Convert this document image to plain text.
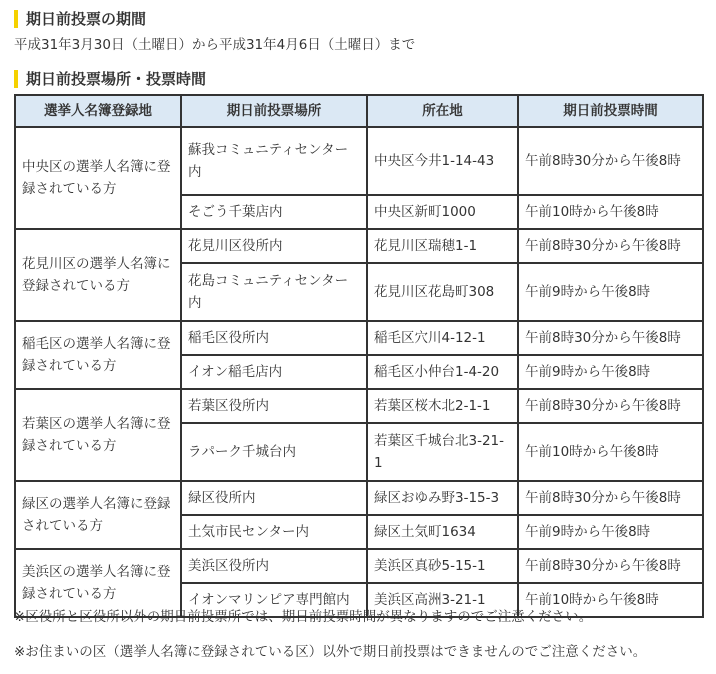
期日前投票の期間
平成31年3月30日（土曜日）から平成31年4月6日（土曜日）まで
期日前投票場所・投票時間
選挙人名簿登録地	期日前投票場所	所在地	期日前投票時間
中央区の選挙人名簿に登録されている方	蘇我コミュニティセンター内	中央区今井1-14-43	午前8時30分から午後8時
	そごう千葉店内	中央区新町1000	午前10時から午後8時
花見川区の選挙人名簿に登録されている方	花見川区役所内	花見川区瑞穂1-1	午前8時30分から午後8時
	花島コミュニティセンター内	花見川区花島町308	午前9時から午後8時
稲毛区の選挙人名簿に登録されている方	稲毛区役所内	稲毛区穴川4-12-1	午前8時30分から午後8時
	イオン稲毛店内	稲毛区小仲台1-4-20	午前9時から午後8時
若葉区の選挙人名簿に登録されている方	若葉区役所内	若葉区桜木北2-1-1	午前8時30分から午後8時
	ラパーク千城台内	若葉区千城台北3-21-1	午前10時から午後8時
緑区の選挙人名簿に登録されている方	緑区役所内	緑区おゆみ野3-15-3	午前8時30分から午後8時
	土気市民センター内	緑区土気町1634	午前9時から午後8時
美浜区の選挙人名簿に登録されている方	美浜区役所内	美浜区真砂5-15-1	午前8時30分から午後8時
	イオンマリンピア専門館内	美浜区高洲3-21-1	午前10時から午後8時
※区役所と区役所以外の期日前投票所では、期日前投票時間が異なりますのでご注意ください。
※お住まいの区（選挙人名簿に登録されている区）以外で期日前投票はできませんのでご注意ください。
